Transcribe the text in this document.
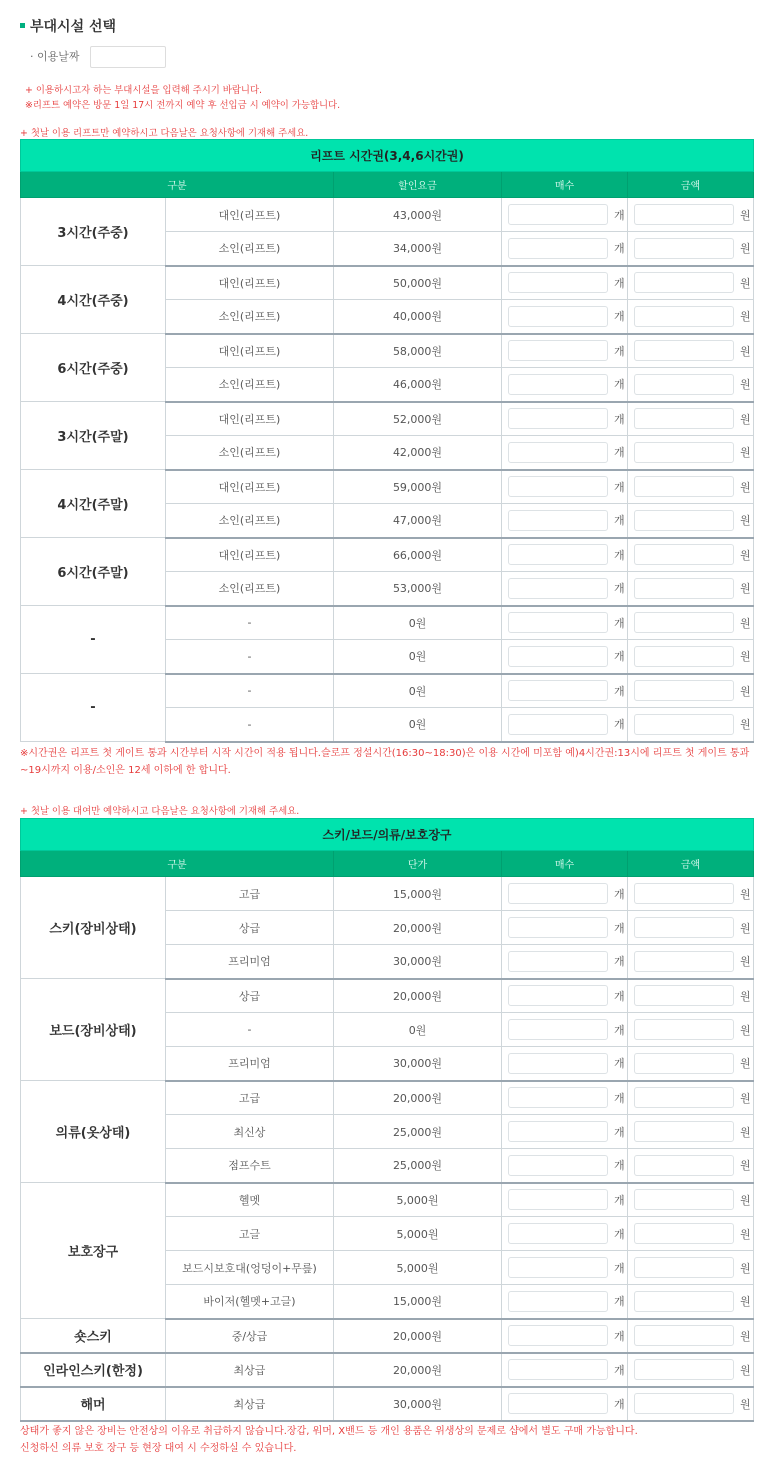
부대시설 선택
· 이용날짜
+ 이용하시고자 하는 부대시설을 입력해 주시기 바랍니다.
※리프트 예약은 방문 1일 17시 전까지 예약 후 선입금 시 예약이 가능합니다.
+ 첫날 이용 리프트만 예약하시고 다음날은 요청사항에 기재해 주세요.
리프트 시간권(3,4,6시간권)				
구분		할인요금	매수	금액
3시간(주중)	대인(리프트)	43,000원	개	원

	소인(리프트)	34,000원	개	원

4시간(주중)	대인(리프트)	50,000원	개	원

	소인(리프트)	40,000원	개	원

6시간(주중)	대인(리프트)	58,000원	개	원

	소인(리프트)	46,000원	개	원

3시간(주말)	대인(리프트)	52,000원	개	원

	소인(리프트)	42,000원	개	원

4시간(주말)	대인(리프트)	59,000원	개	원

	소인(리프트)	47,000원	개	원

6시간(주말)	대인(리프트)	66,000원	개	원

	소인(리프트)	53,000원	개	원

-	-	0원	개	원

	-	0원	개	원

-	-	0원	개	원

	-	0원	개	원
※시간권은 리프트 첫 게이트 통과 시간부터 시작 시간이 적용 됩니다.슬로프 정설시간(16:30~18:30)은 이용 시간에 미포함 예)4시간권:13시에 리프트 첫 게이트 통과~19시까지 이용/소인은 12세 이하에 한 합니다.
+ 첫날 이용 대여만 예약하시고 다음날은 요청사항에 기재해 주세요.
스키/보드/의류/보호장구				
구분		단가	매수	금액
스키(장비상태)	고급	15,000원	개	원

	상급	20,000원	개	원

	프리미엄	30,000원	개	원

보드(장비상태)	상급	20,000원	개	원

	-	0원	개	원

	프리미엄	30,000원	개	원

의류(옷상태)	고급	20,000원	개	원

	최신상	25,000원	개	원

	점프수트	25,000원	개	원

보호장구	헬멧	5,000원	개	원

	고글	5,000원	개	원

	보드시보호대(엉덩이+무릎)	5,000원	개	원

	바이저(헬멧+고글)	15,000원	개	원

숏스키	중/상급	20,000원	개	원

인라인스키(한정)	최상급	20,000원	개	원

해머	최상급	30,000원	개	원
상태가 좋지 않은 장비는 안전상의 이유로 취급하지 않습니다.장갑, 워머, X밴드 등 개인 용품은 위생상의 문제로 샵에서 별도 구매 가능합니다.
신청하신 의류 보호 장구 등 현장 대여 시 수정하실 수 있습니다.
